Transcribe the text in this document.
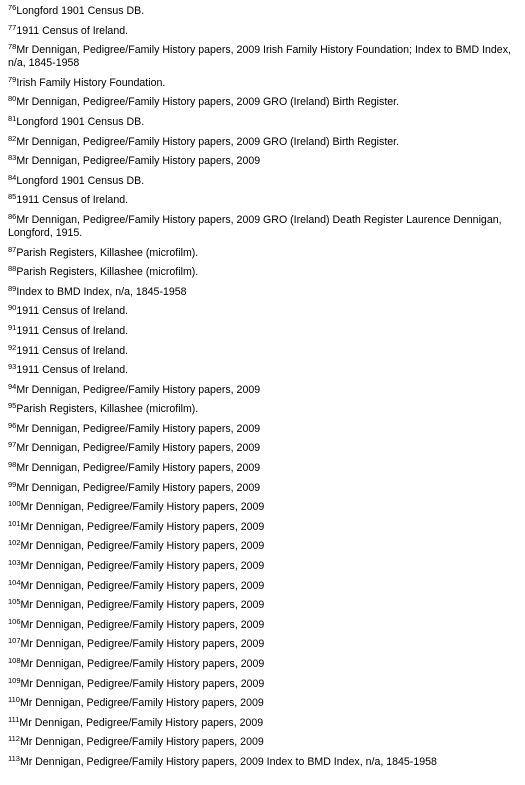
$^{76}$Longford 1901 Census DB.
$^{77}$1911 Census of Ireland.
$^{78}$Mr Dennigan, Pedigree/Family History papers, 2009 Irish Family History Foundation; Index to BMD Index, n/a, 1845-1958
$^{79}$Irish Family History Foundation.
$^{80}$Mr Dennigan, Pedigree/Family History papers, 2009 GRO (Ireland) Birth Register.
$^{81}$Longford 1901 Census DB.
$^{82}$Mr Dennigan, Pedigree/Family History papers, 2009 GRO (Ireland) Birth Register.
$^{83}$Mr Dennigan, Pedigree/Family History papers, 2009
$^{84}$Longford 1901 Census DB.
$^{85}$1911 Census of Ireland.
$^{86}$Mr Dennigan, Pedigree/Family History papers, 2009 GRO (Ireland) Death Register Laurence Dennigan, Longford, 1915.
$^{87}$Parish Registers, Killashee (microfilm).
$^{88}$Parish Registers, Killashee (microfilm).
$^{89}$Index to BMD Index, n/a, 1845-1958
$^{90}$1911 Census of Ireland.
$^{91}$1911 Census of Ireland.
$^{92}$1911 Census of Ireland.
$^{93}$1911 Census of Ireland.
$^{94}$Mr Dennigan, Pedigree/Family History papers, 2009
$^{95}$Parish Registers, Killashee (microfilm).
$^{96}$Mr Dennigan, Pedigree/Family History papers, 2009
$^{97}$Mr Dennigan, Pedigree/Family History papers, 2009
$^{98}$Mr Dennigan, Pedigree/Family History papers, 2009
$^{99}$Mr Dennigan, Pedigree/Family History papers, 2009
$^{100}$Mr Dennigan, Pedigree/Family History papers, 2009
$^{101}$Mr Dennigan, Pedigree/Family History papers, 2009
$^{102}$Mr Dennigan, Pedigree/Family History papers, 2009
$^{103}$Mr Dennigan, Pedigree/Family History papers, 2009
$^{104}$Mr Dennigan, Pedigree/Family History papers, 2009
$^{105}$Mr Dennigan, Pedigree/Family History papers, 2009
$^{106}$Mr Dennigan, Pedigree/Family History papers, 2009
$^{107}$Mr Dennigan, Pedigree/Family History papers, 2009
$^{108}$Mr Dennigan, Pedigree/Family History papers, 2009
$^{109}$Mr Dennigan, Pedigree/Family History papers, 2009
$^{110}$Mr Dennigan, Pedigree/Family History papers, 2009
$^{111}$Mr Dennigan, Pedigree/Family History papers, 2009
$^{112}$Mr Dennigan, Pedigree/Family History papers, 2009
$^{113}$Mr Dennigan, Pedigree/Family History papers, 2009 Index to BMD Index, n/a, 1845-1958
